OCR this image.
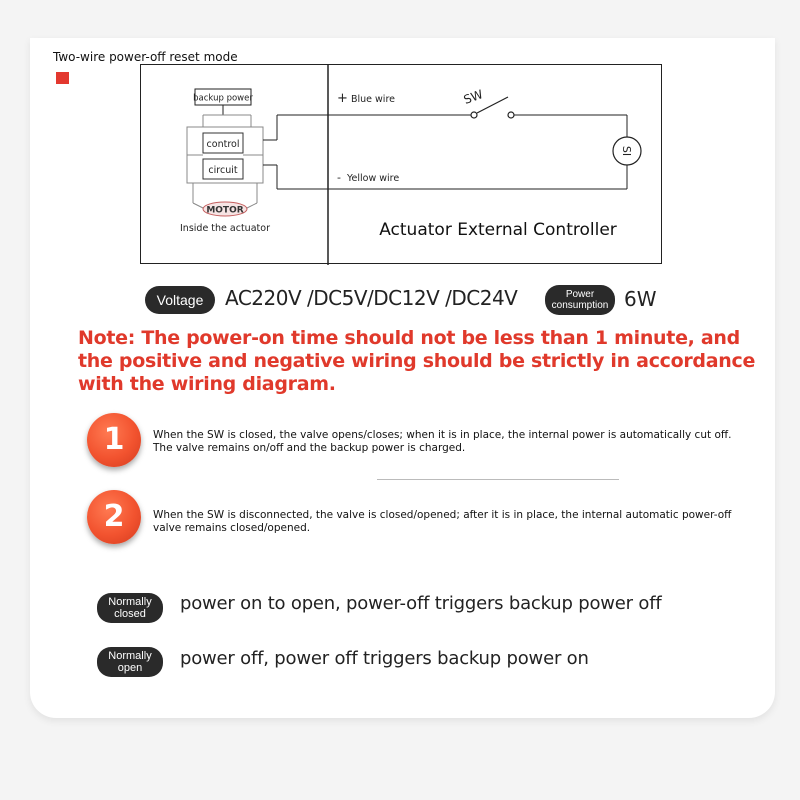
Two-wire power-off reset mode
backup power
control
circuit
MOTOR
Inside the actuator
+ Blue wire	SW
SI
- Yellow wire
Actuator External Controller
Voltage	AC220V /DC5V/DC12V /DC24V	Power
consumption 6W
Note: The power-on time should not be less than 1 minute, and the positive and negative wiring should be strictly in accordance with the wiring diagram.
1	When the SW is closed, the valve opens/closes; when it is in place, the internal power is automatically cut off. The valve remains on/off and the backup power is charged.
2	When the SW is disconnected, the valve is closed/opened; after it is in place, the internal automatic power-off valve remains closed/opened.
Normally
closed	power on to open, power-off triggers backup power off
Normally
open	power off, power off triggers backup power on
